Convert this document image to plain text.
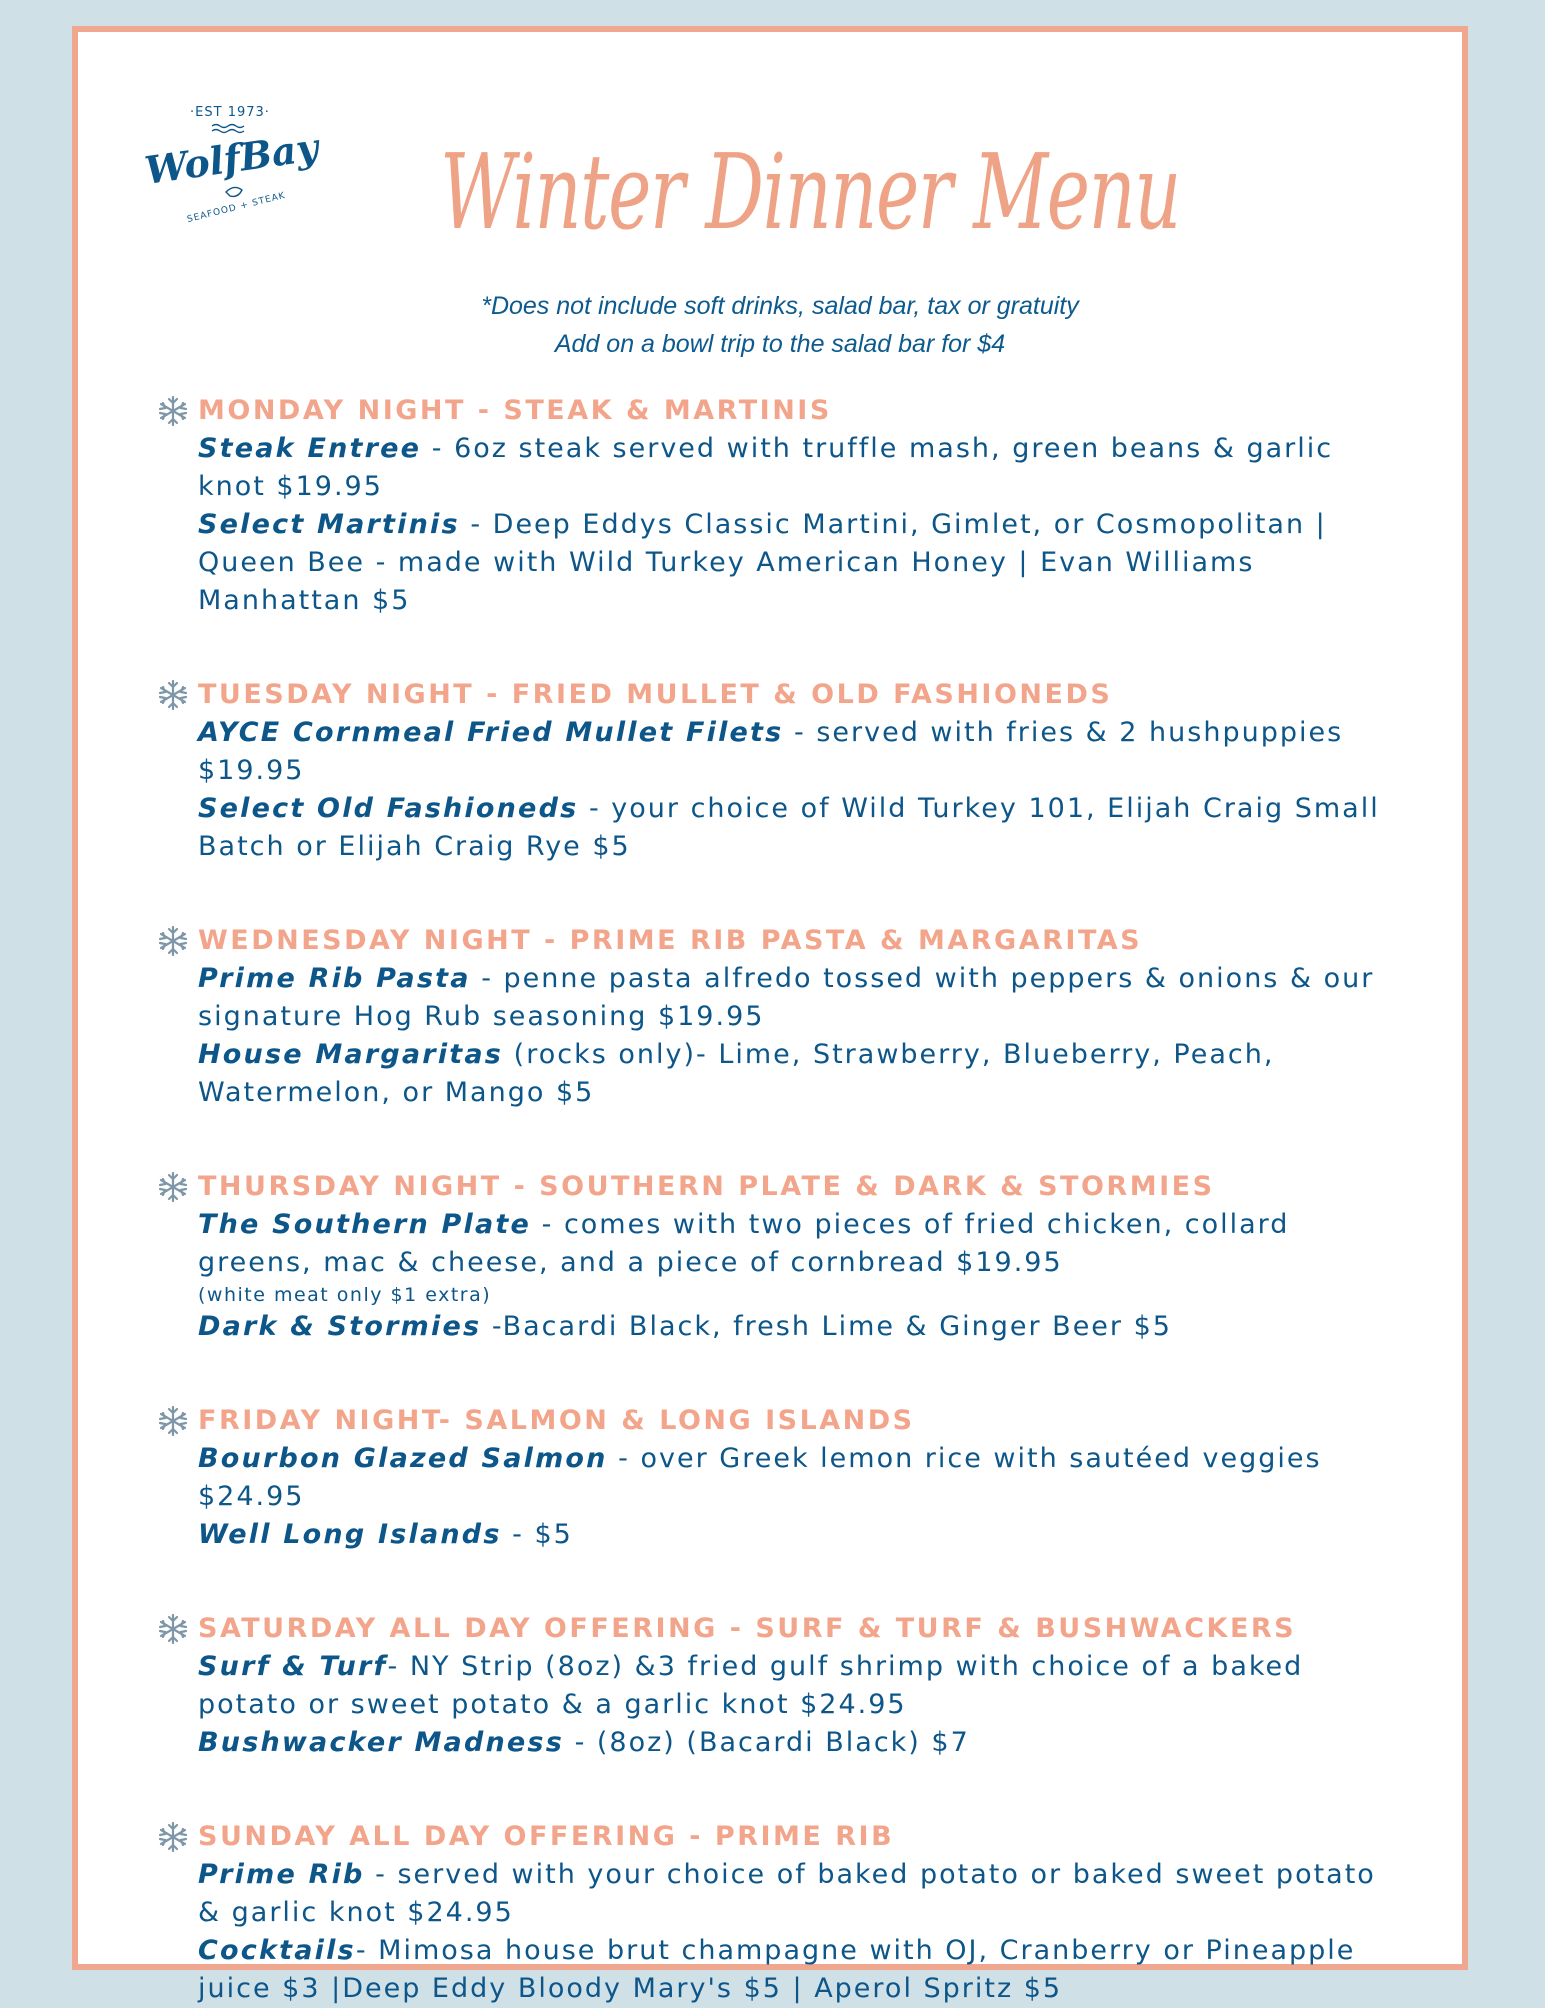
·EST 1973·
WolfBay
SEAFOOD + STEAK Winter Dinner Menu
*Does not include soft drinks, salad bar, tax or gratuity
Add on a bowl trip to the salad bar for $4

MONDAY NIGHT - STEAK & MARTINIS

Steak Entree - 6oz steak served with truffle mash, green beans & garlic knot $19.95

Select Martinis - Deep Eddys Classic Martini, Gimlet, or Cosmopolitan | Queen Bee - made with Wild Turkey American Honey | Evan Williams Manhattan $5

TUESDAY NIGHT - FRIED MULLET & OLD FASHIONEDS

AYCE Cornmeal Fried Mullet Filets - served with fries & 2 hushpuppies $19.95

Select Old Fashioneds - your choice of Wild Turkey 101, Elijah Craig Small Batch or Elijah Craig Rye $5

WEDNESDAY NIGHT - PRIME RIB PASTA & MARGARITAS

Prime Rib Pasta - penne pasta alfredo tossed with peppers & onions & our signature Hog Rub seasoning $19.95

House Margaritas (rocks only)- Lime, Strawberry, Blueberry, Peach, Watermelon, or Mango $5

THURSDAY NIGHT - SOUTHERN PLATE & DARK & STORMIES

The Southern Plate - comes with two pieces of fried chicken, collard greens, mac & cheese, and a piece of cornbread $19.95

(white meat only $1 extra)

Dark & Stormies -Bacardi Black, fresh Lime & Ginger Beer $5

FRIDAY NIGHT- SALMON & LONG ISLANDS

Bourbon Glazed Salmon - over Greek lemon rice with sautéed veggies $24.95

Well Long Islands - $5

SATURDAY ALL DAY OFFERING - SURF & TURF & BUSHWACKERS

Surf & Turf- NY Strip (8oz) &3 fried gulf shrimp with choice of a baked potato or sweet potato & a garlic knot $24.95

Bushwacker Madness - (8oz) (Bacardi Black) $7

SUNDAY ALL DAY OFFERING - PRIME RIB

Prime Rib - served with your choice of baked potato or baked sweet potato & garlic knot $24.95

Cocktails- Mimosa house brut champagne with OJ, Cranberry or Pineapple juice $3 |Deep Eddy Bloody Mary's $5 | Aperol Spritz $5
